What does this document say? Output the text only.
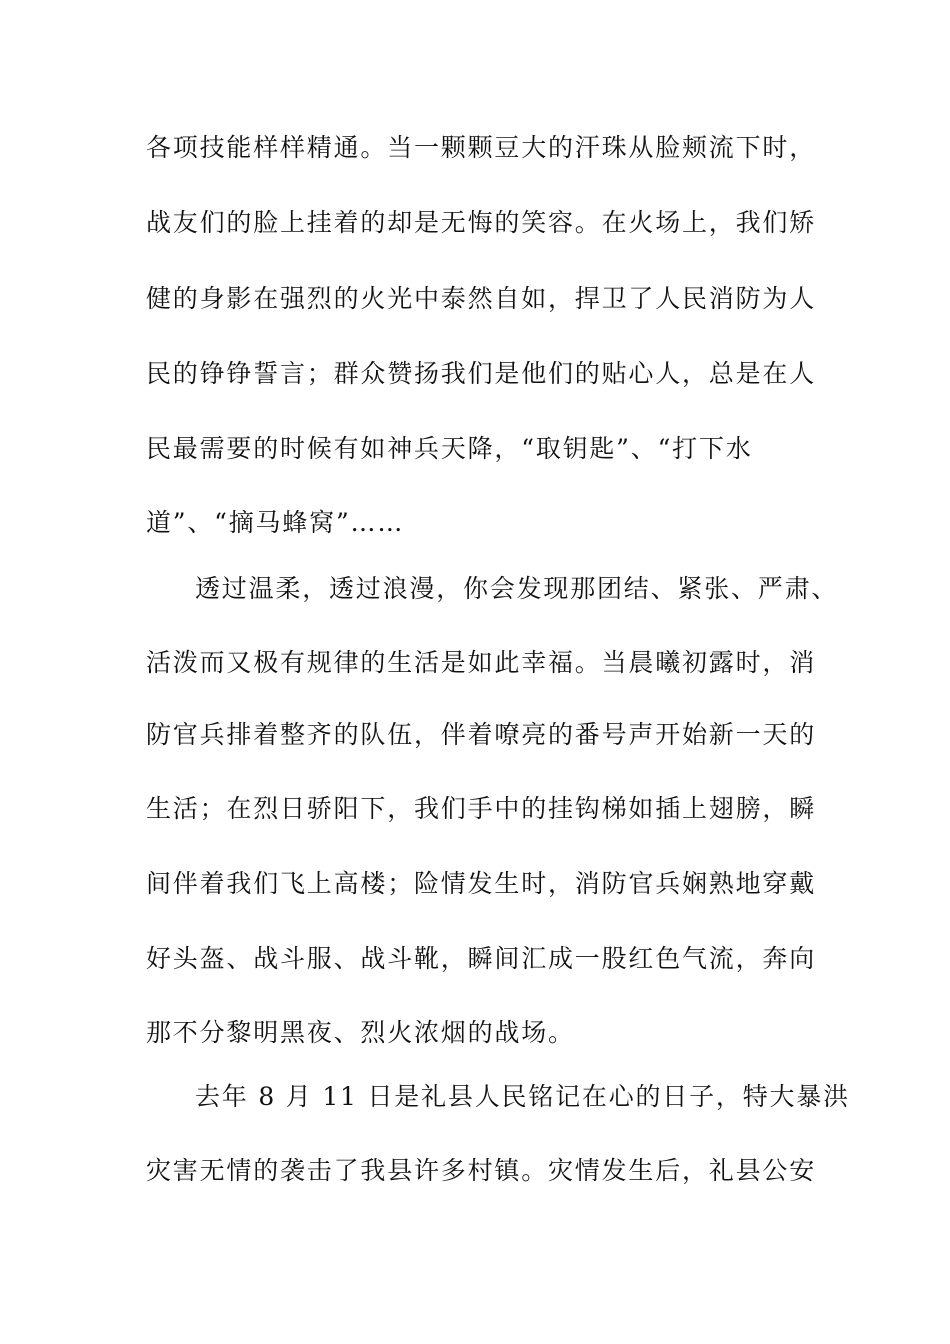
各项技能样样精通。当一颗颗豆大的汗珠从脸颊流下时，
战友们的脸上挂着的却是无悔的笑容。在火场上，我们矫
健的身影在强烈的火光中泰然自如，捍卫了人民消防为人
民的铮铮誓言；群众赞扬我们是他们的贴心人，总是在人
民最需要的时候有如神兵天降，“取钥匙”、“打下水
道”、“摘马蜂窝”……
透过温柔，透过浪漫，你会发现那团结、紧张、严肃、
活泼而又极有规律的生活是如此幸福。当晨曦初露时，消
防官兵排着整齐的队伍，伴着嘹亮的番号声开始新一天的
生活；在烈日骄阳下，我们手中的挂钩梯如插上翅膀，瞬
间伴着我们飞上高楼；险情发生时，消防官兵娴熟地穿戴
好头盔、战斗服、战斗靴，瞬间汇成一股红色气流，奔向
那不分黎明黑夜、烈火浓烟的战场。
去年 8 月 11 日是礼县人民铭记在心的日子，特大暴洪
灾害无情的袭击了我县许多村镇。灾情发生后，礼县公安
